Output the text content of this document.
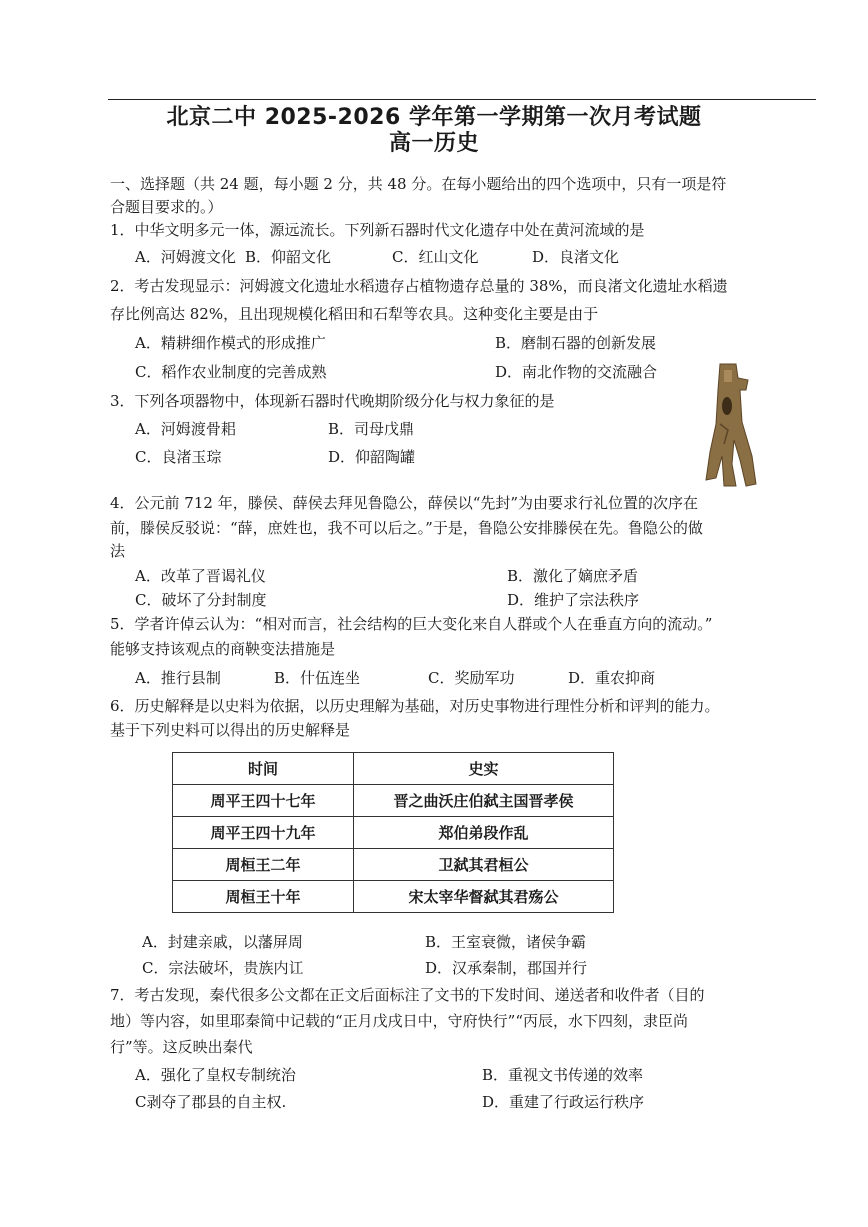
北京二中 2025-2026 学年第一学期第一次月考试题
高一历史
一、选择题（共 24 题，每小题 2 分，共 48 分。在每小题给出的四个选项中，只有一项是符
合题目要求的。）
1．中华文明多元一体，源远流长。下列新石器时代文化遗存中处在黄河流域的是
A．河姆渡文化 B．仰韶文化	C．红山文化	D．良渚文化
2．考古发现显示：河姆渡文化遗址水稻遗存占植物遗存总量的 38%，而良渚文化遗址水稻遗
存比例高达 82%，且出现规模化稻田和石犁等农具。这种变化主要是由于
A．精耕细作模式的形成推广	B．磨制石器的创新发展
C．稻作农业制度的完善成熟	D．南北作物的交流融合
3．下列各项器物中，体现新石器时代晚期阶级分化与权力象征的是
A．河姆渡骨耜	B．司母戊鼎
C．良渚玉琮	D．仰韶陶罐
4．公元前 712 年，滕侯、薛侯去拜见鲁隐公，薛侯以“先封”为由要求行礼位置的次序在
前，滕侯反驳说：“薛，庶姓也，我不可以后之。”于是，鲁隐公安排滕侯在先。鲁隐公的做
法
A．改革了晋谒礼仪	B．激化了嫡庶矛盾
C．破坏了分封制度	D．维护了宗法秩序
5．学者许倬云认为：“相对而言，社会结构的巨大变化来自人群或个人在垂直方向的流动。”
能够支持该观点的商鞅变法措施是
A．推行县制	B．什伍连坐	C．奖励军功	D．重农抑商
6．历史解释是以史料为依据，以历史理解为基础，对历史事物进行理性分析和评判的能力。
基于下列史料可以得出的历史解释是
时间	史实
周平王四十七年	晋之曲沃庄伯弑主国晋孝侯
周平王四十九年	郑伯弟段作乱
周桓王二年	卫弑其君桓公
周桓王十年	宋太宰华督弑其君殇公
A．封建亲戚，以藩屏周	B．王室衰微，诸侯争霸
C．宗法破坏，贵族内讧	D．汉承秦制，郡国并行
7．考古发现，秦代很多公文都在正文后面标注了文书的下发时间、递送者和收件者（目的
地）等内容，如里耶秦简中记载的“正月戊戌日中，守府快行”“丙辰，水下四刻，隶臣尚
行”等。这反映出秦代
A．强化了皇权专制统治	B．重视文书传递的效率
C剥夺了郡县的自主权.	D．重建了行政运行秩序
